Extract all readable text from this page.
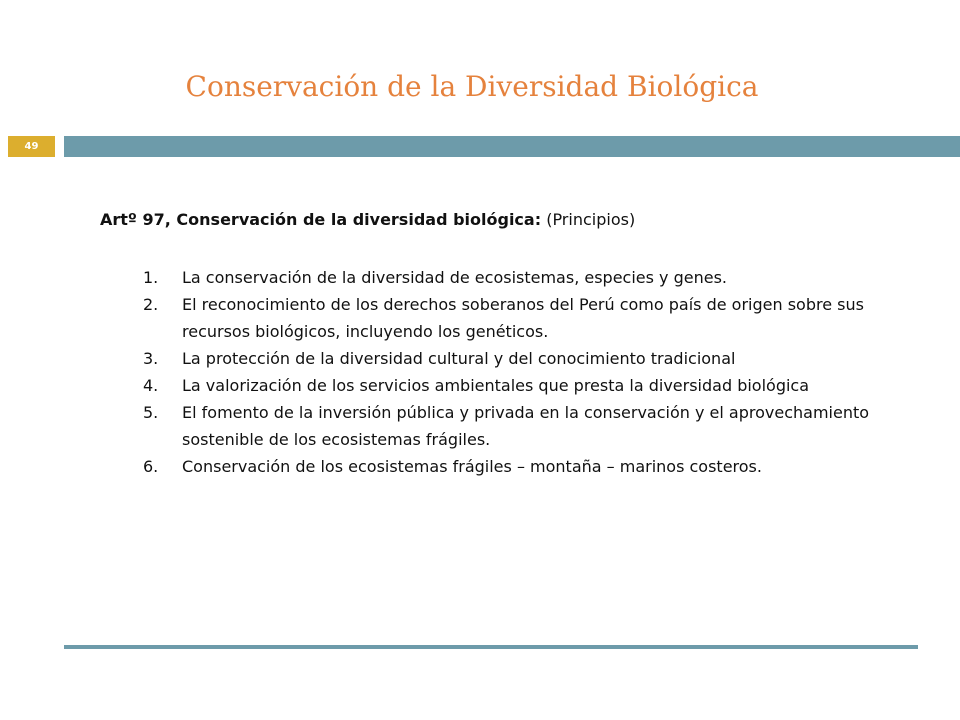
Conservación de la Diversidad Biológica
49
Artº 97, Conservación de la diversidad biológica: (Principios)
1. La conservación de la diversidad de ecosistemas, especies y genes.
2. El reconocimiento de los derechos soberanos del Perú como país de origen sobre sus recursos biológicos, incluyendo los genéticos.
3. La protección de la diversidad cultural y del conocimiento tradicional
4. La valorización de los servicios ambientales que presta la diversidad biológica
5. El fomento de la inversión pública y privada en la conservación y el aprovechamiento sostenible de los ecosistemas frágiles.
6. Conservación de los ecosistemas frágiles – montaña – marinos costeros.
